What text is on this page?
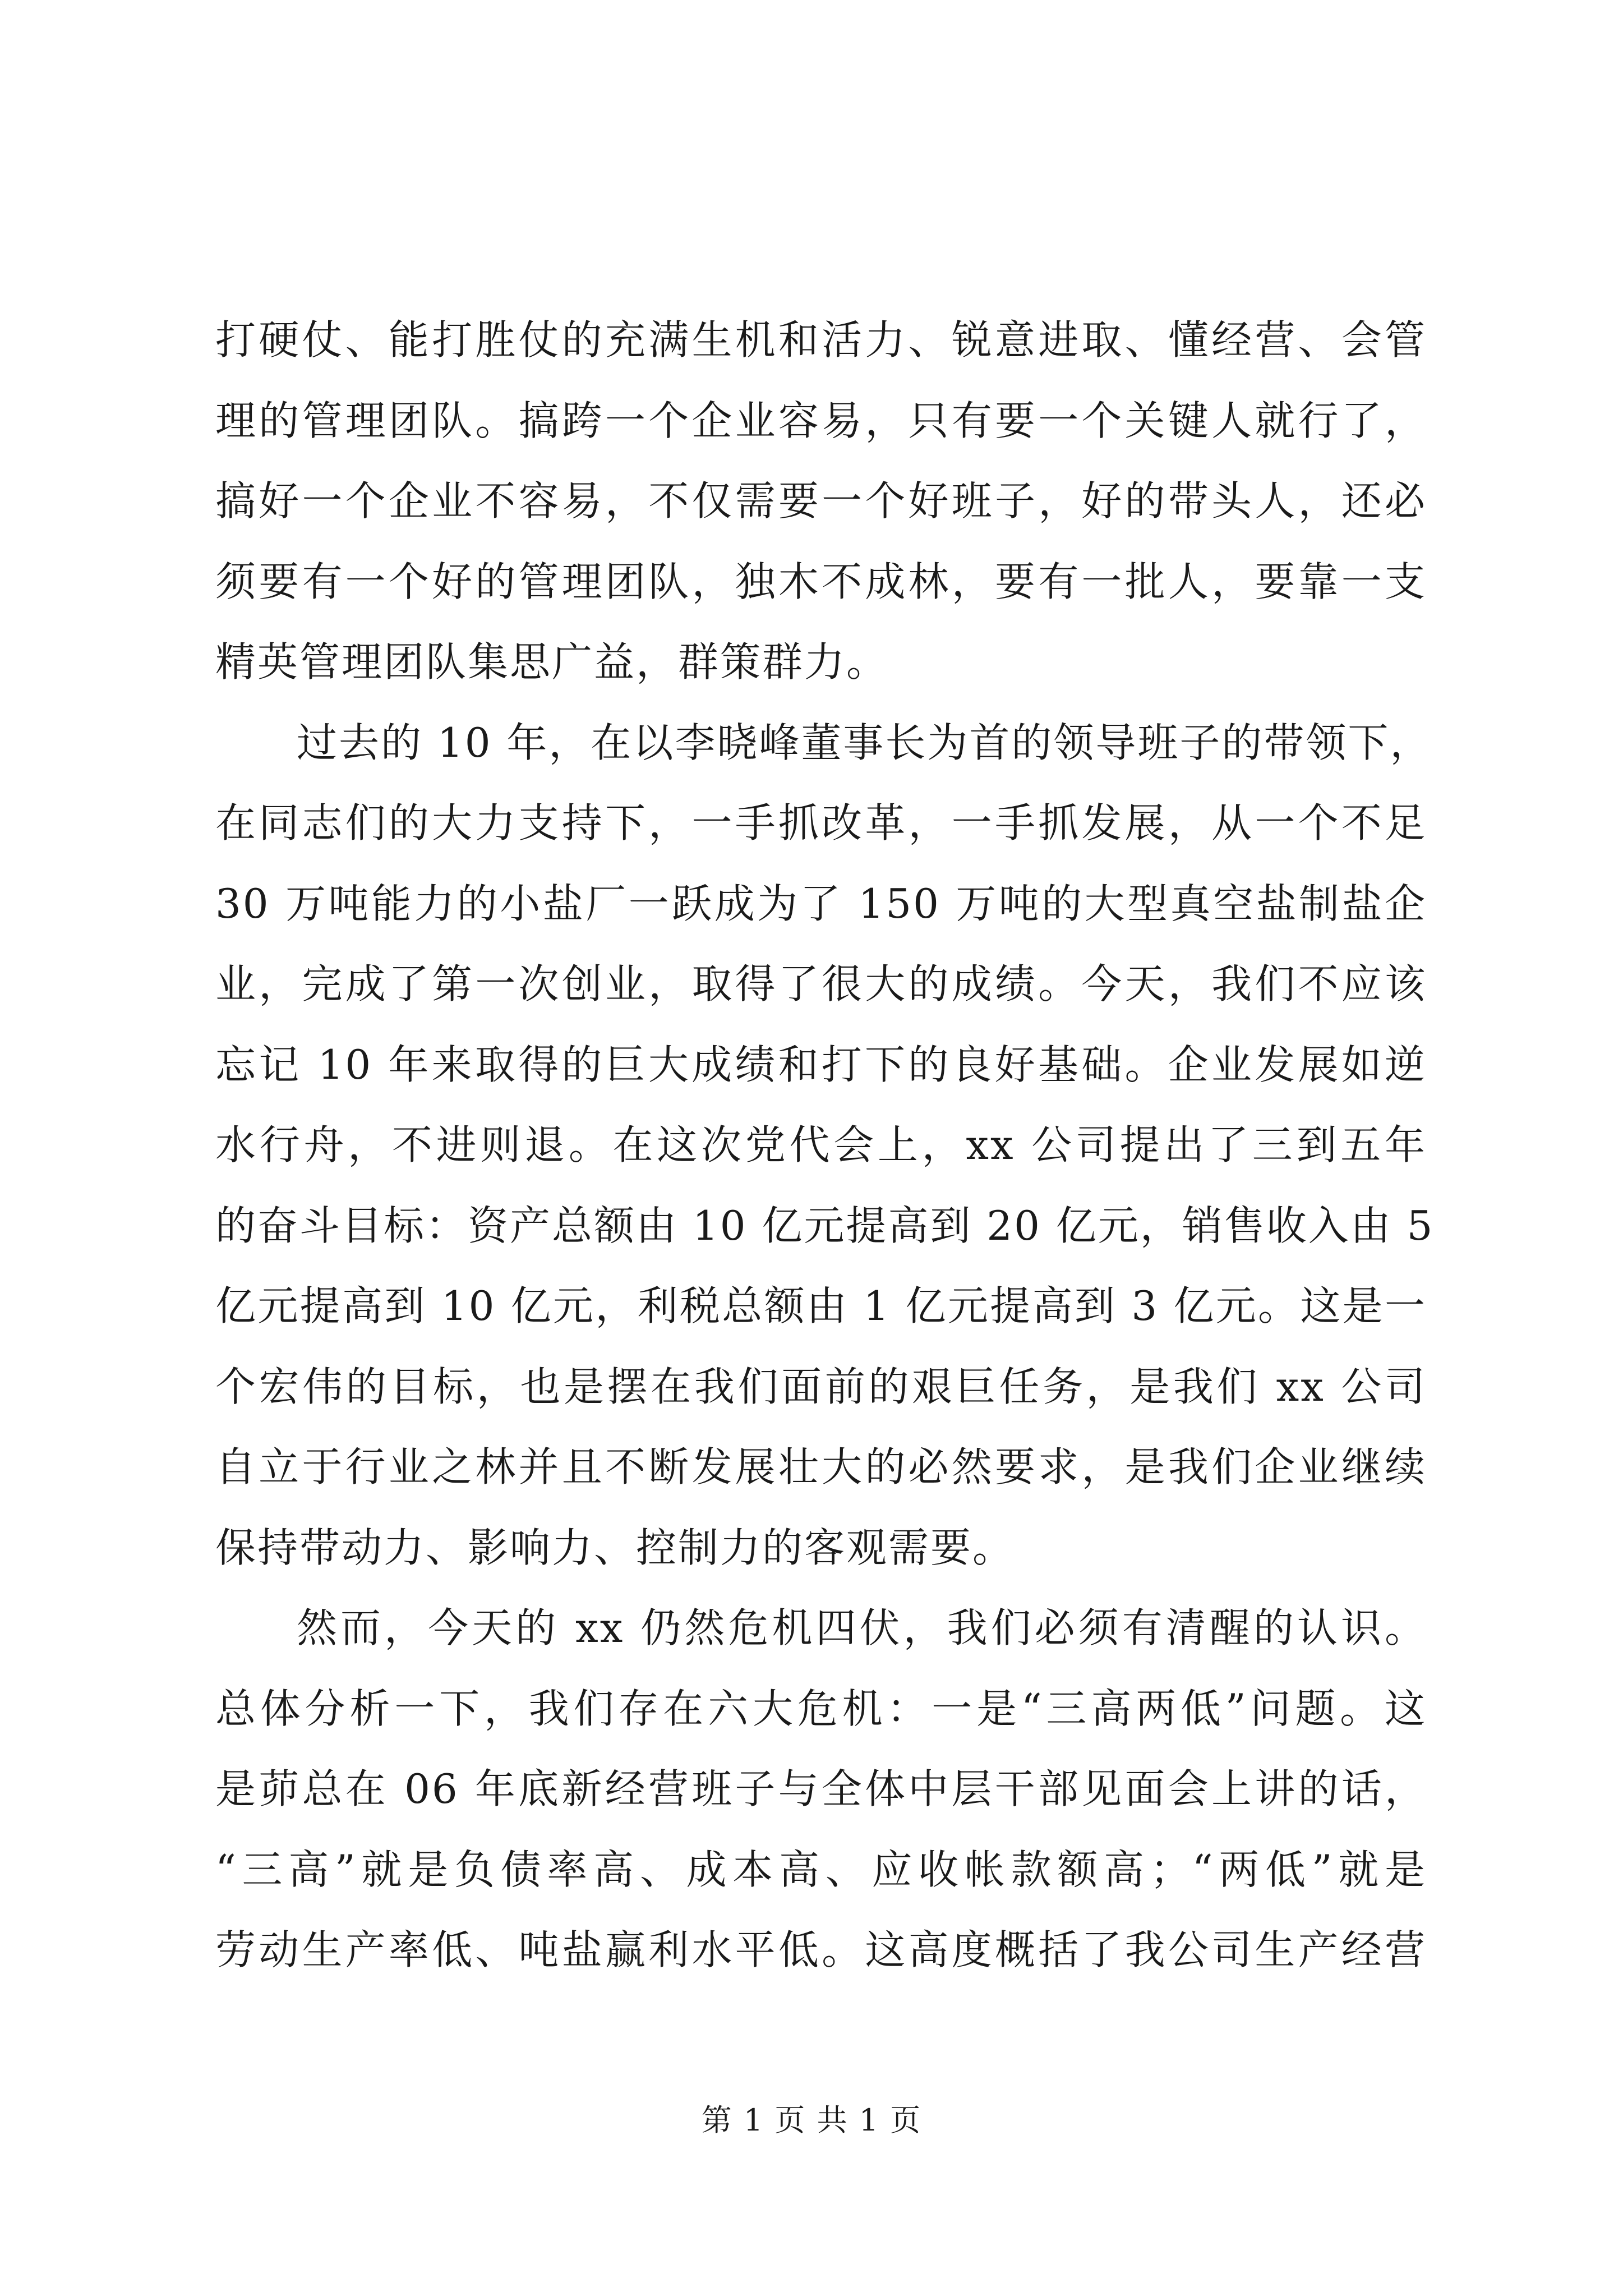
打硬仗、能打胜仗的充满生机和活力、锐意进取、懂经营、会管
理的管理团队。搞跨一个企业容易，只有要一个关键人就行了，
搞好一个企业不容易，不仅需要一个好班子，好的带头人，还必
须要有一个好的管理团队，独木不成林，要有一批人，要靠一支
精英管理团队集思广益，群策群力。
过去的 10 年，在以李晓峰董事长为首的领导班子的带领下，
在同志们的大力支持下，一手抓改革，一手抓发展，从一个不足
30 万吨能力的小盐厂一跃成为了 150 万吨的大型真空盐制盐企
业，完成了第一次创业，取得了很大的成绩。今天，我们不应该
忘记 10 年来取得的巨大成绩和打下的良好基础。企业发展如逆
水行舟，不进则退。在这次党代会上，xx 公司提出了三到五年
的奋斗目标：资产总额由 10 亿元提高到 20 亿元，销售收入由 5
亿元提高到 10 亿元，利税总额由 1 亿元提高到 3 亿元。这是一
个宏伟的目标，也是摆在我们面前的艰巨任务，是我们 xx 公司
自立于行业之林并且不断发展壮大的必然要求，是我们企业继续
保持带动力、影响力、控制力的客观需要。
然而，今天的 xx 仍然危机四伏，我们必须有清醒的认识。
总体分析一下，我们存在六大危机：一是“三高两低”问题。这
是茆总在 06 年底新经营班子与全体中层干部见面会上讲的话，
“三高”就是负债率高、成本高、应收帐款额高；“两低”就是
劳动生产率低、吨盐赢利水平低。这高度概括了我公司生产经营
第 1 页 共 1 页
